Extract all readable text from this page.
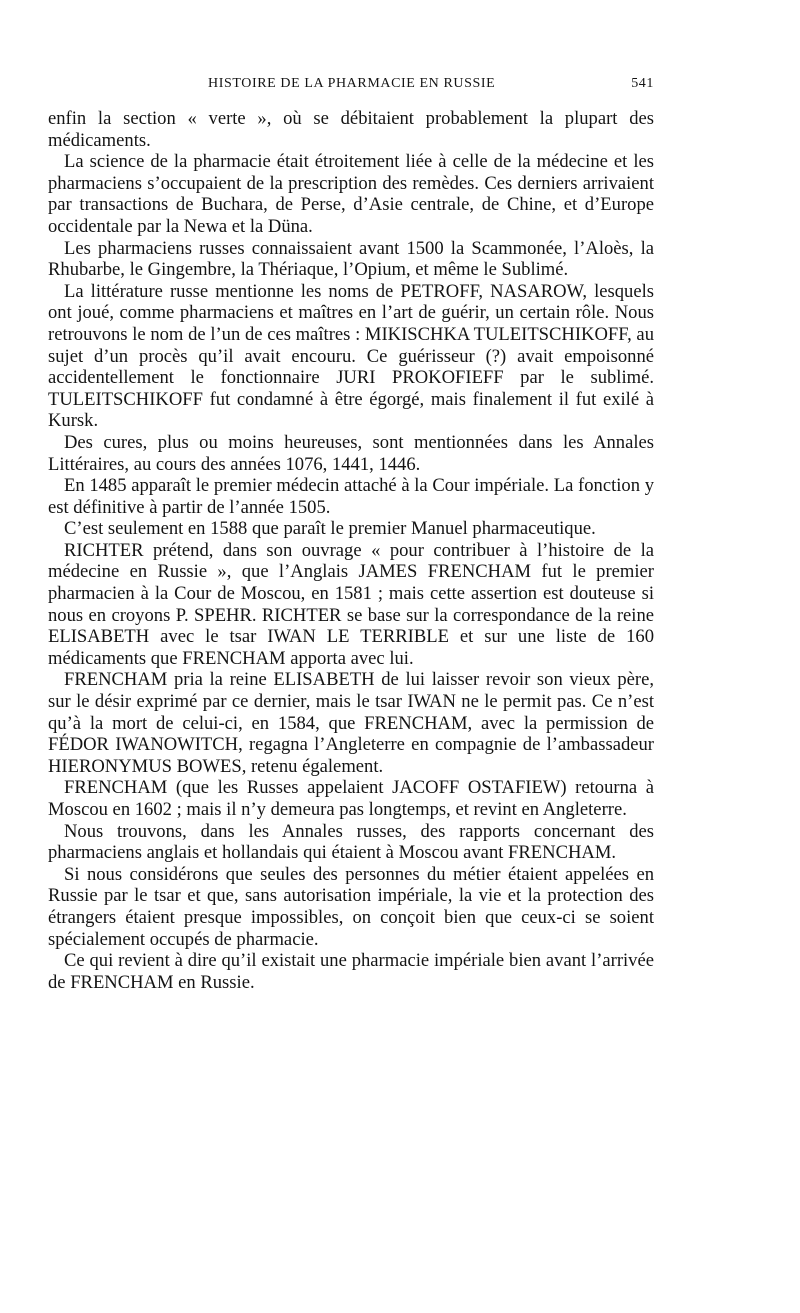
HISTOIRE DE LA PHARMACIE EN RUSSIE	541

enfin la section « verte », où se débitaient probablement la plupart des médicaments.

La science de la pharmacie était étroitement liée à celle de la médecine et les pharmaciens s’occupaient de la prescription des remèdes. Ces derniers arrivaient par transactions de Buchara, de Perse, d’Asie centrale, de Chine, et d’Europe occidentale par la Newa et la Düna.

Les pharmaciens russes connaissaient avant 1500 la Scammonée, l’Aloès, la Rhubarbe, le Gingembre, la Thériaque, l’Opium, et même le Sublimé.

La littérature russe mentionne les noms de PETROFF, NASAROW, lesquels ont joué, comme pharmaciens et maîtres en l’art de guérir, un certain rôle. Nous retrouvons le nom de l’un de ces maîtres : MIKISCHKA TULEITSCHIKOFF, au sujet d’un procès qu’il avait encouru. Ce guérisseur (?) avait empoisonné accidentellement le fonctionnaire JURI PROKOFIEFF par le sublimé. TULEITSCHIKOFF fut condamné à être égorgé, mais finalement il fut exilé à Kursk.

Des cures, plus ou moins heureuses, sont mentionnées dans les Annales Littéraires, au cours des années 1076, 1441, 1446.

En 1485 apparaît le premier médecin attaché à la Cour impériale. La fonction y est définitive à partir de l’année 1505.

C’est seulement en 1588 que paraît le premier Manuel pharmaceutique.

RICHTER prétend, dans son ouvrage « pour contribuer à l’histoire de la médecine en Russie », que l’Anglais JAMES FRENCHAM fut le premier pharmacien à la Cour de Moscou, en 1581 ; mais cette assertion est douteuse si nous en croyons P. SPEHR. RICHTER se base sur la correspondance de la reine ELISABETH avec le tsar IWAN LE TERRIBLE et sur une liste de 160 médicaments que FRENCHAM apporta avec lui.

FRENCHAM pria la reine ELISABETH de lui laisser revoir son vieux père, sur le désir exprimé par ce dernier, mais le tsar IWAN ne le permit pas. Ce n’est qu’à la mort de celui-ci, en 1584, que FRENCHAM, avec la permission de FÉDOR IWANOWITCH, regagna l’Angleterre en compagnie de l’ambassadeur HIERONYMUS BOWES, retenu également.

FRENCHAM (que les Russes appelaient JACOFF OSTAFIEW) retourna à Moscou en 1602 ; mais il n’y demeura pas longtemps, et revint en Angleterre.

Nous trouvons, dans les Annales russes, des rapports concernant des pharmaciens anglais et hollandais qui étaient à Moscou avant FRENCHAM.

Si nous considérons que seules des personnes du métier étaient appelées en Russie par le tsar et que, sans autorisation impériale, la vie et la protection des étrangers étaient presque impossibles, on conçoit bien que ceux-ci se soient spécialement occupés de pharmacie.

Ce qui revient à dire qu’il existait une pharmacie impériale bien avant l’arrivée de FRENCHAM en Russie.
